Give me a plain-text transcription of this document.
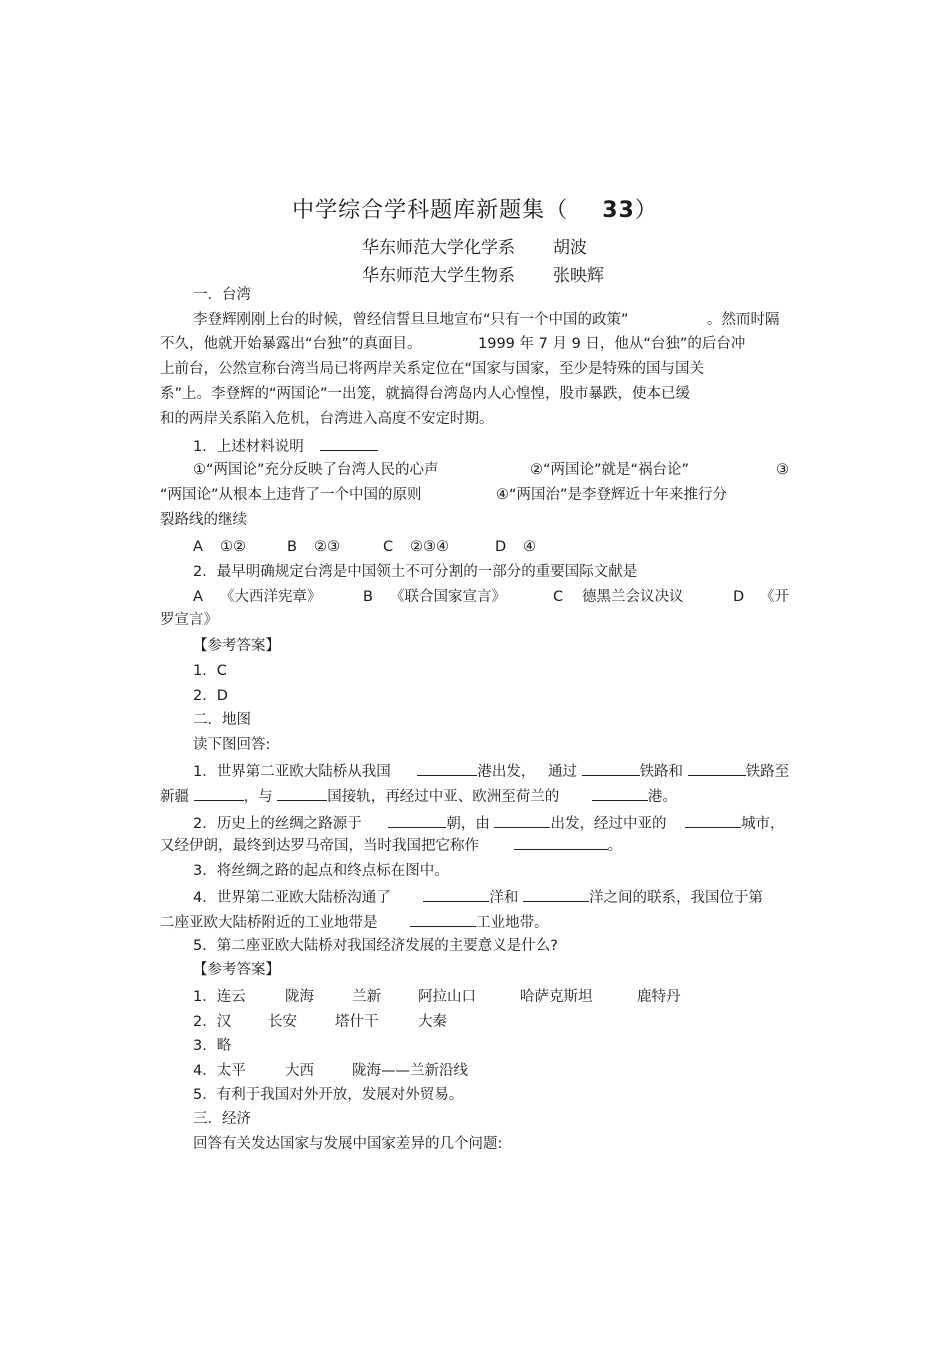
中学综合学科题库新题集（ 33）
华东师范大学化学系 胡波
华东师范大学生物系 张映辉
一．台湾
李登辉刚刚上台的时候，曾经信誓旦旦地宣布“只有一个中国的政策”	。然而时隔
不久，他就开始暴露出“台独”的真面目。	1999 年 7 月 9 日，他从“台独”的后台冲
上前台，公然宣称台湾当局已将两岸关系定位在“国家与国家，至少是特殊的国与国关
系”上。李登辉的“两国论”一出笼，就搞得台湾岛内人心惶惶，股市暴跌，使本已缓
和的两岸关系陷入危机，台湾进入高度不安定时期。
1．上述材料说明
①“两国论”充分反映了台湾人民的心声	②“两国论”就是“祸台论”	③
“两国论”从根本上违背了一个中国的原则	④“两国治”是李登辉近十年来推行分
裂路线的继续
A ①②	B ②③	C ②③④	D ④
2．最早明确规定台湾是中国领土不可分割的一部分的重要国际文献是
A 《大西洋宪章》	B 《联合国家宣言》	C 德黑兰会议决议	D 《开
罗宣言》
【参考答案】
1．C
2．D
二．地图
读下图回答:
1．世界第二亚欧大陆桥从我国	港出发， 通过	铁路和	铁路至
新疆	，与	国接轨，再经过中亚、欧洲至荷兰的	港。
2．历史上的丝绸之路源于	朝，由	出发，经过中亚的	城市，
又经伊朗，最终到达罗马帝国，当时我国把它称作	。
3．将丝绸之路的起点和终点标在图中。
4．世界第二亚欧大陆桥沟通了	洋和	洋之间的联系，我国位于第
二座亚欧大陆桥附近的工业地带是	工业地带。
5．第二座亚欧大陆桥对我国经济发展的主要意义是什么?
【参考答案】
1．连云	陇海	兰新	阿拉山口	哈萨克斯坦	鹿特丹
2．汉	长安	塔什干	大秦
3．略
4．太平	大西	陇海——兰新沿线
5．有利于我国对外开放，发展对外贸易。
三．经济
回答有关发达国家与发展中国家差异的几个问题:
